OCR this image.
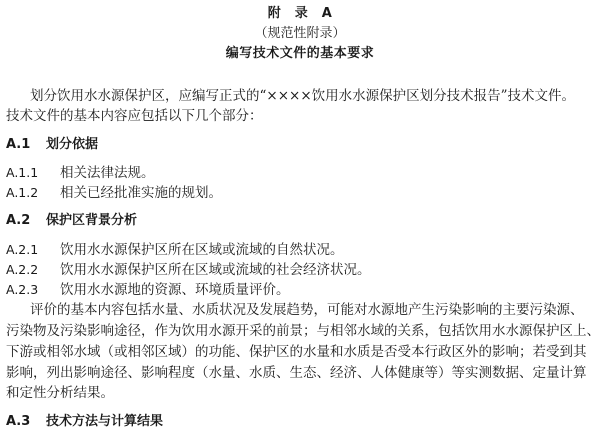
附　录　A
（规范性附录）
编写技术文件的基本要求
划分饮用水水源保护区，应编写正式的“××××饮用水水源保护区划分技术报告”技术文件。
技术文件的基本内容应包括以下几个部分：
A.1 划分依据
A.1.1 相关法律法规。
A.1.2 相关已经批准实施的规划。
A.2 保护区背景分析
A.2.1 饮用水水源保护区所在区域或流域的自然状况。
A.2.2 饮用水水源保护区所在区域或流域的社会经济状况。
A.2.3 饮用水水源地的资源、环境质量评价。
评价的基本内容包括水量、水质状况及发展趋势，可能对水源地产生污染影响的主要污染源、
污染物及污染影响途径，作为饮用水源开采的前景；与相邻水域的关系，包括饮用水水源保护区上、
下游或相邻水域（或相邻区域）的功能、保护区的水量和水质是否受本行政区外的影响；若受到其
影响，列出影响途径、影响程度（水量、水质、生态、经济、人体健康等）等实测数据、定量计算
和定性分析结果。
A.3 技术方法与计算结果
